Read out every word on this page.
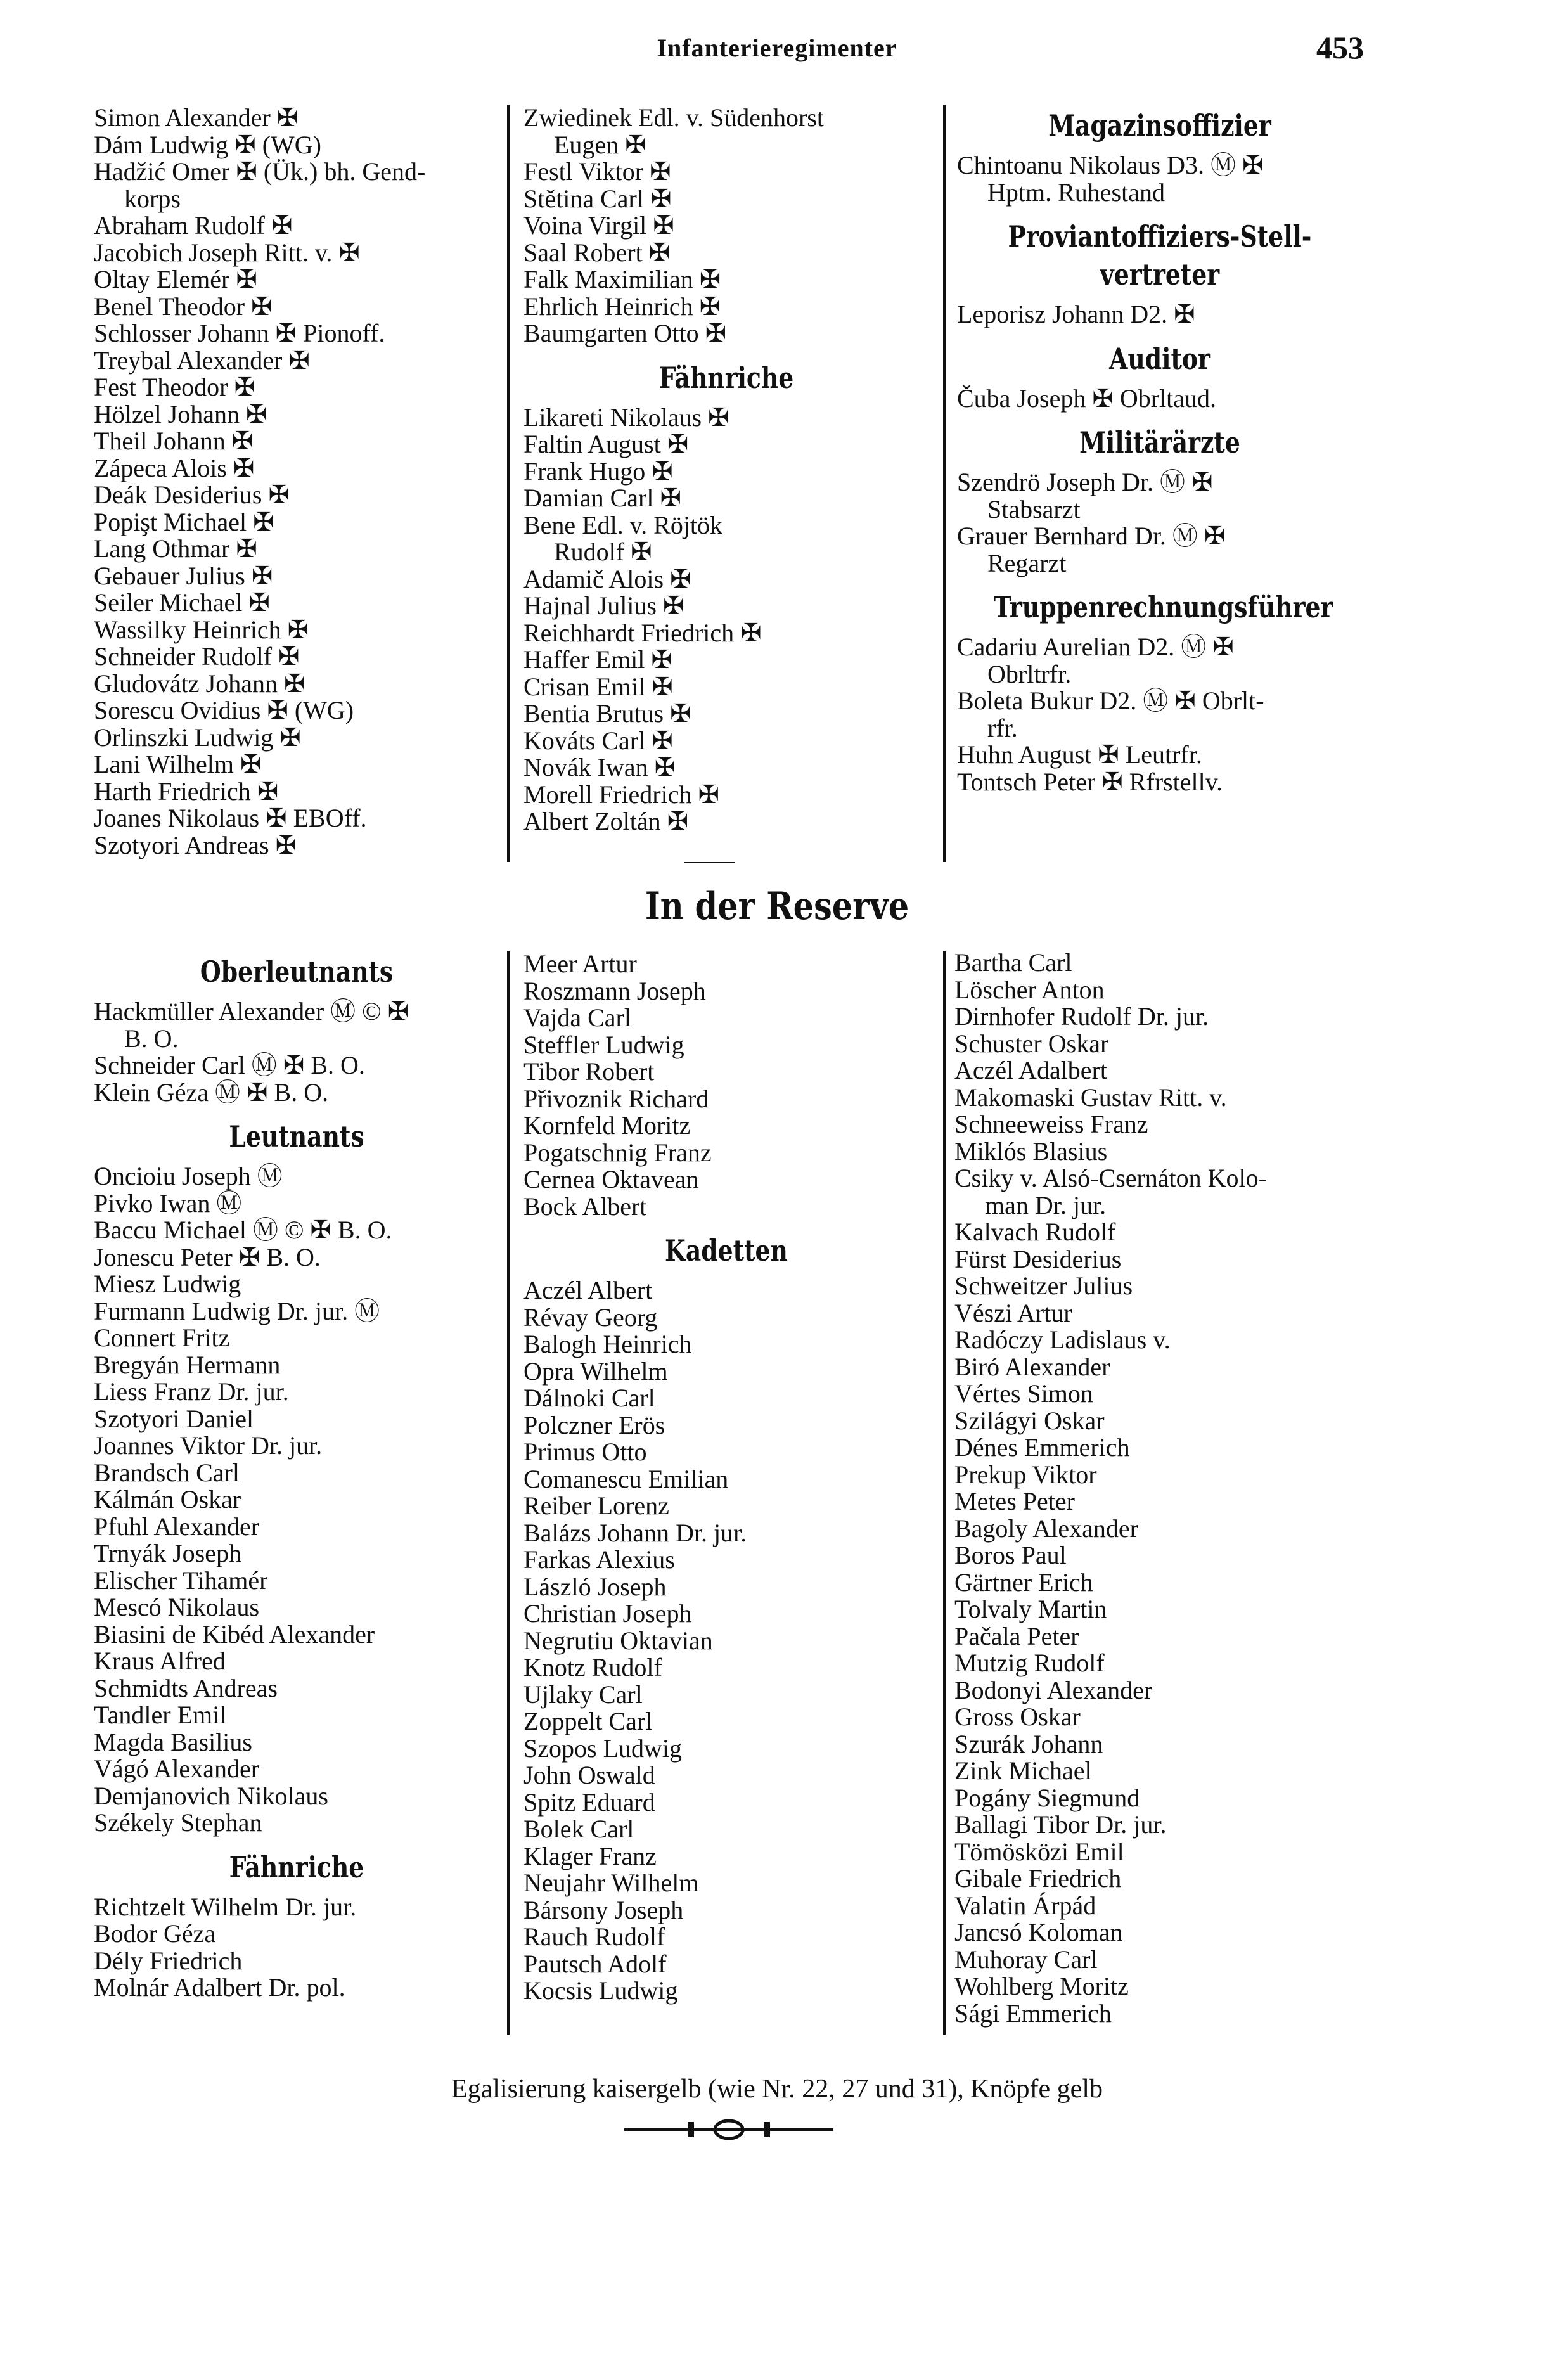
Infanterieregimenter	453
Simon Alexander ✠
Dám Ludwig ✠ (WG)
Hadžić Omer ✠ (Ük.) bh. Gend-
korps
Abraham Rudolf ✠
Jacobich Joseph Ritt. v. ✠
Oltay Elemér ✠
Benel Theodor ✠
Schlosser Johann ✠ Pionoff.
Treybal Alexander ✠
Fest Theodor ✠
Hölzel Johann ✠
Theil Johann ✠
Zápeca Alois ✠
Deák Desiderius ✠
Popişt Michael ✠
Lang Othmar ✠
Gebauer Julius ✠
Seiler Michael ✠
Wassilky Heinrich ✠
Schneider Rudolf ✠
Gludovátz Johann ✠
Sorescu Ovidius ✠ (WG)
Orlinszki Ludwig ✠
Lani Wilhelm ✠
Harth Friedrich ✠
Joanes Nikolaus ✠ EBOff.
Szotyori Andreas ✠
Zwiedinek Edl. v. Südenhorst
Eugen ✠
Festl Viktor ✠
Stětina Carl ✠
Voina Virgil ✠
Saal Robert ✠
Falk Maximilian ✠
Ehrlich Heinrich ✠
Baumgarten Otto ✠
Fähnriche
Likareti Nikolaus ✠
Faltin August ✠
Frank Hugo ✠
Damian Carl ✠
Bene Edl. v. Röjtök
Rudolf ✠
Adamič Alois ✠
Hajnal Julius ✠
Reichhardt Friedrich ✠
Haffer Emil ✠
Crisan Emil ✠
Bentia Brutus ✠
Kováts Carl ✠
Novák Iwan ✠
Morell Friedrich ✠
Albert Zoltán ✠
Magazinsoffizier
Chintoanu Nikolaus D3. Ⓜ ✠
Hptm. Ruhestand
Proviantoffiziers-Stell-
vertreter
Leporisz Johann D2. ✠
Auditor
Čuba Joseph ✠ Obrltaud.
Militärärzte
Szendrö Joseph Dr. Ⓜ ✠
Stabsarzt
Grauer Bernhard Dr. Ⓜ ✠
Regarzt
Truppenrechnungsführer
Cadariu Aurelian D2. Ⓜ ✠
Obrltrfr.
Boleta Bukur D2. Ⓜ ✠ Obrlt-
rfr.
Huhn August ✠ Leutrfr.
Tontsch Peter ✠ Rfrstellv.
In der Reserve
Oberleutnants
Hackmüller Alexander Ⓜ © ✠
B. O.
Schneider Carl Ⓜ ✠ B. O.
Klein Géza Ⓜ ✠ B. O.
Leutnants
Oncioiu Joseph Ⓜ
Pivko Iwan Ⓜ
Baccu Michael Ⓜ © ✠ B. O.
Jonescu Peter ✠ B. O.
Miesz Ludwig
Furmann Ludwig Dr. jur. Ⓜ
Connert Fritz
Bregyán Hermann
Liess Franz Dr. jur.
Szotyori Daniel
Joannes Viktor Dr. jur.
Brandsch Carl
Kálmán Oskar
Pfuhl Alexander
Trnyák Joseph
Elischer Tihamér
Mescó Nikolaus
Biasini de Kibéd Alexander
Kraus Alfred
Schmidts Andreas
Tandler Emil
Magda Basilius
Vágó Alexander
Demjanovich Nikolaus
Székely Stephan
Fähnriche
Richtzelt Wilhelm Dr. jur.
Bodor Géza
Dély Friedrich
Molnár Adalbert Dr. pol.
Meer Artur
Roszmann Joseph
Vajda Carl
Steffler Ludwig
Tibor Robert
Přivoznik Richard
Kornfeld Moritz
Pogatschnig Franz
Cernea Oktavean
Bock Albert
Kadetten
Aczél Albert
Révay Georg
Balogh Heinrich
Opra Wilhelm
Dálnoki Carl
Polczner Erös
Primus Otto
Comanescu Emilian
Reiber Lorenz
Balázs Johann Dr. jur.
Farkas Alexius
László Joseph
Christian Joseph
Negrutiu Oktavian
Knotz Rudolf
Ujlaky Carl
Zoppelt Carl
Szopos Ludwig
John Oswald
Spitz Eduard
Bolek Carl
Klager Franz
Neujahr Wilhelm
Bársony Joseph
Rauch Rudolf
Pautsch Adolf
Kocsis Ludwig
Bartha Carl
Löscher Anton
Dirnhofer Rudolf Dr. jur.
Schuster Oskar
Aczél Adalbert
Makomaski Gustav Ritt. v.
Schneeweiss Franz
Miklós Blasius
Csiky v. Alsó-Csernáton Kolo-
man Dr. jur.
Kalvach Rudolf
Fürst Desiderius
Schweitzer Julius
Vészi Artur
Radóczy Ladislaus v.
Biró Alexander
Vértes Simon
Szilágyi Oskar
Dénes Emmerich
Prekup Viktor
Metes Peter
Bagoly Alexander
Boros Paul
Gärtner Erich
Tolvaly Martin
Pačala Peter
Mutzig Rudolf
Bodonyi Alexander
Gross Oskar
Szurák Johann
Zink Michael
Pogány Siegmund
Ballagi Tibor Dr. jur.
Tömösközi Emil
Gibale Friedrich
Valatin Árpád
Jancsó Koloman
Muhoray Carl
Wohlberg Moritz
Sági Emmerich
Egalisierung kaisergelb (wie Nr. 22, 27 und 31), Knöpfe gelb
